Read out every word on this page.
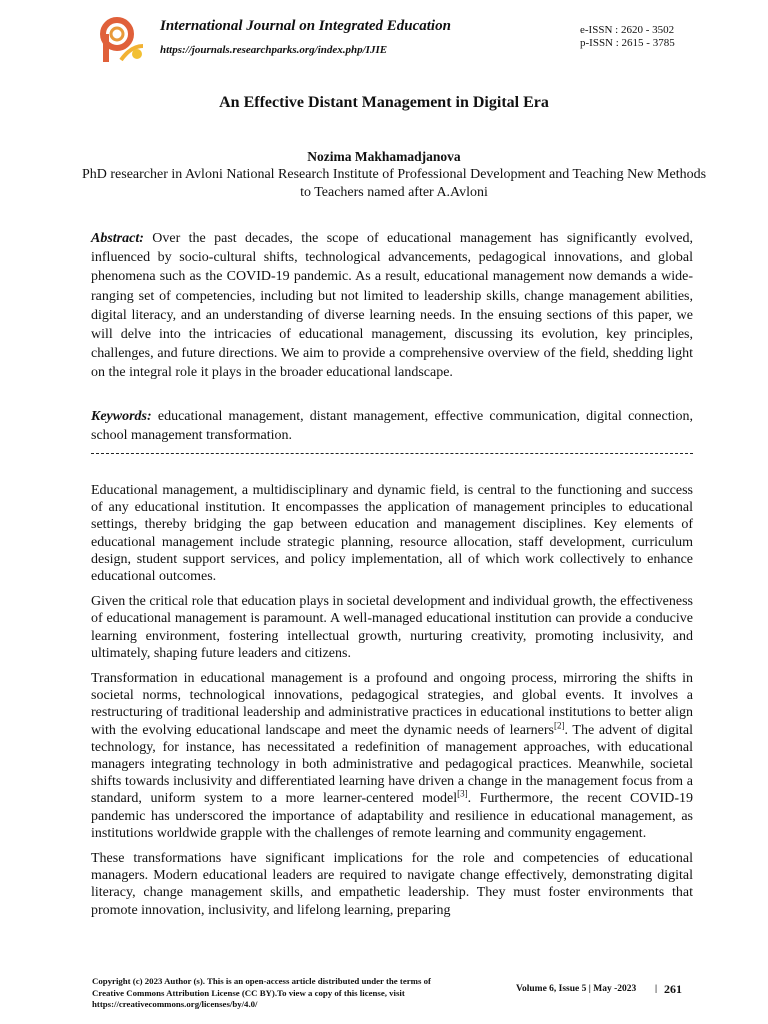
International Journal on Integrated Education
https://journals.researchparks.org/index.php/IJIE
e-ISSN : 2620 - 3502
p-ISSN : 2615 - 3785
An Effective Distant Management in Digital Era
Nozima Makhamadjanova
PhD researcher in Avloni National Research Institute of Professional Development and Teaching New Methods to Teachers named after A.Avloni

Abstract: Over the past decades, the scope of educational management has significantly evolved, influenced by socio-cultural shifts, technological advancements, pedagogical innovations, and global phenomena such as the COVID-19 pandemic. As a result, educational management now demands a wide-ranging set of competencies, including but not limited to leadership skills, change management abilities, digital literacy, and an understanding of diverse learning needs. In the ensuing sections of this paper, we will delve into the intricacies of educational management, discussing its evolution, key principles, challenges, and future directions. We aim to provide a comprehensive overview of the field, shedding light on the integral role it plays in the broader educational landscape.

Keywords: educational management, distant management, effective communication, digital connection, school management transformation.

Educational management, a multidisciplinary and dynamic field, is central to the functioning and success of any educational institution. It encompasses the application of management principles to educational settings, thereby bridging the gap between education and management disciplines. Key elements of educational management include strategic planning, resource allocation, staff development, curriculum design, student support services, and policy implementation, all of which work collectively to enhance educational outcomes.

Given the critical role that education plays in societal development and individual growth, the effectiveness of educational management is paramount. A well-managed educational institution can provide a conducive learning environment, fostering intellectual growth, nurturing creativity, promoting inclusivity, and ultimately, shaping future leaders and citizens.

Transformation in educational management is a profound and ongoing process, mirroring the shifts in societal norms, technological innovations, pedagogical strategies, and global events. It involves a restructuring of traditional leadership and administrative practices in educational institutions to better align with the evolving educational landscape and meet the dynamic needs of learners[2]. The advent of digital technology, for instance, has necessitated a redefinition of management approaches, with educational managers integrating technology in both administrative and pedagogical practices. Meanwhile, societal shifts towards inclusivity and differentiated learning have driven a change in the management focus from a standard, uniform system to a more learner-centered model[3]. Furthermore, the recent COVID-19 pandemic has underscored the importance of adaptability and resilience in educational management, as institutions worldwide grapple with the challenges of remote learning and community engagement.

These transformations have significant implications for the role and competencies of educational managers. Modern educational leaders are required to navigate change effectively, demonstrating digital literacy, change management skills, and empathetic leadership. They must foster environments that promote innovation, inclusivity, and lifelong learning, preparing

Copyright (c) 2023 Author (s). This is an open-access article distributed under the terms of Creative Commons Attribution License (CC BY).To view a copy of this license, visit https://creativecommons.org/licenses/by/4.0/
Volume 6, Issue 5 | May -2023 | 261
